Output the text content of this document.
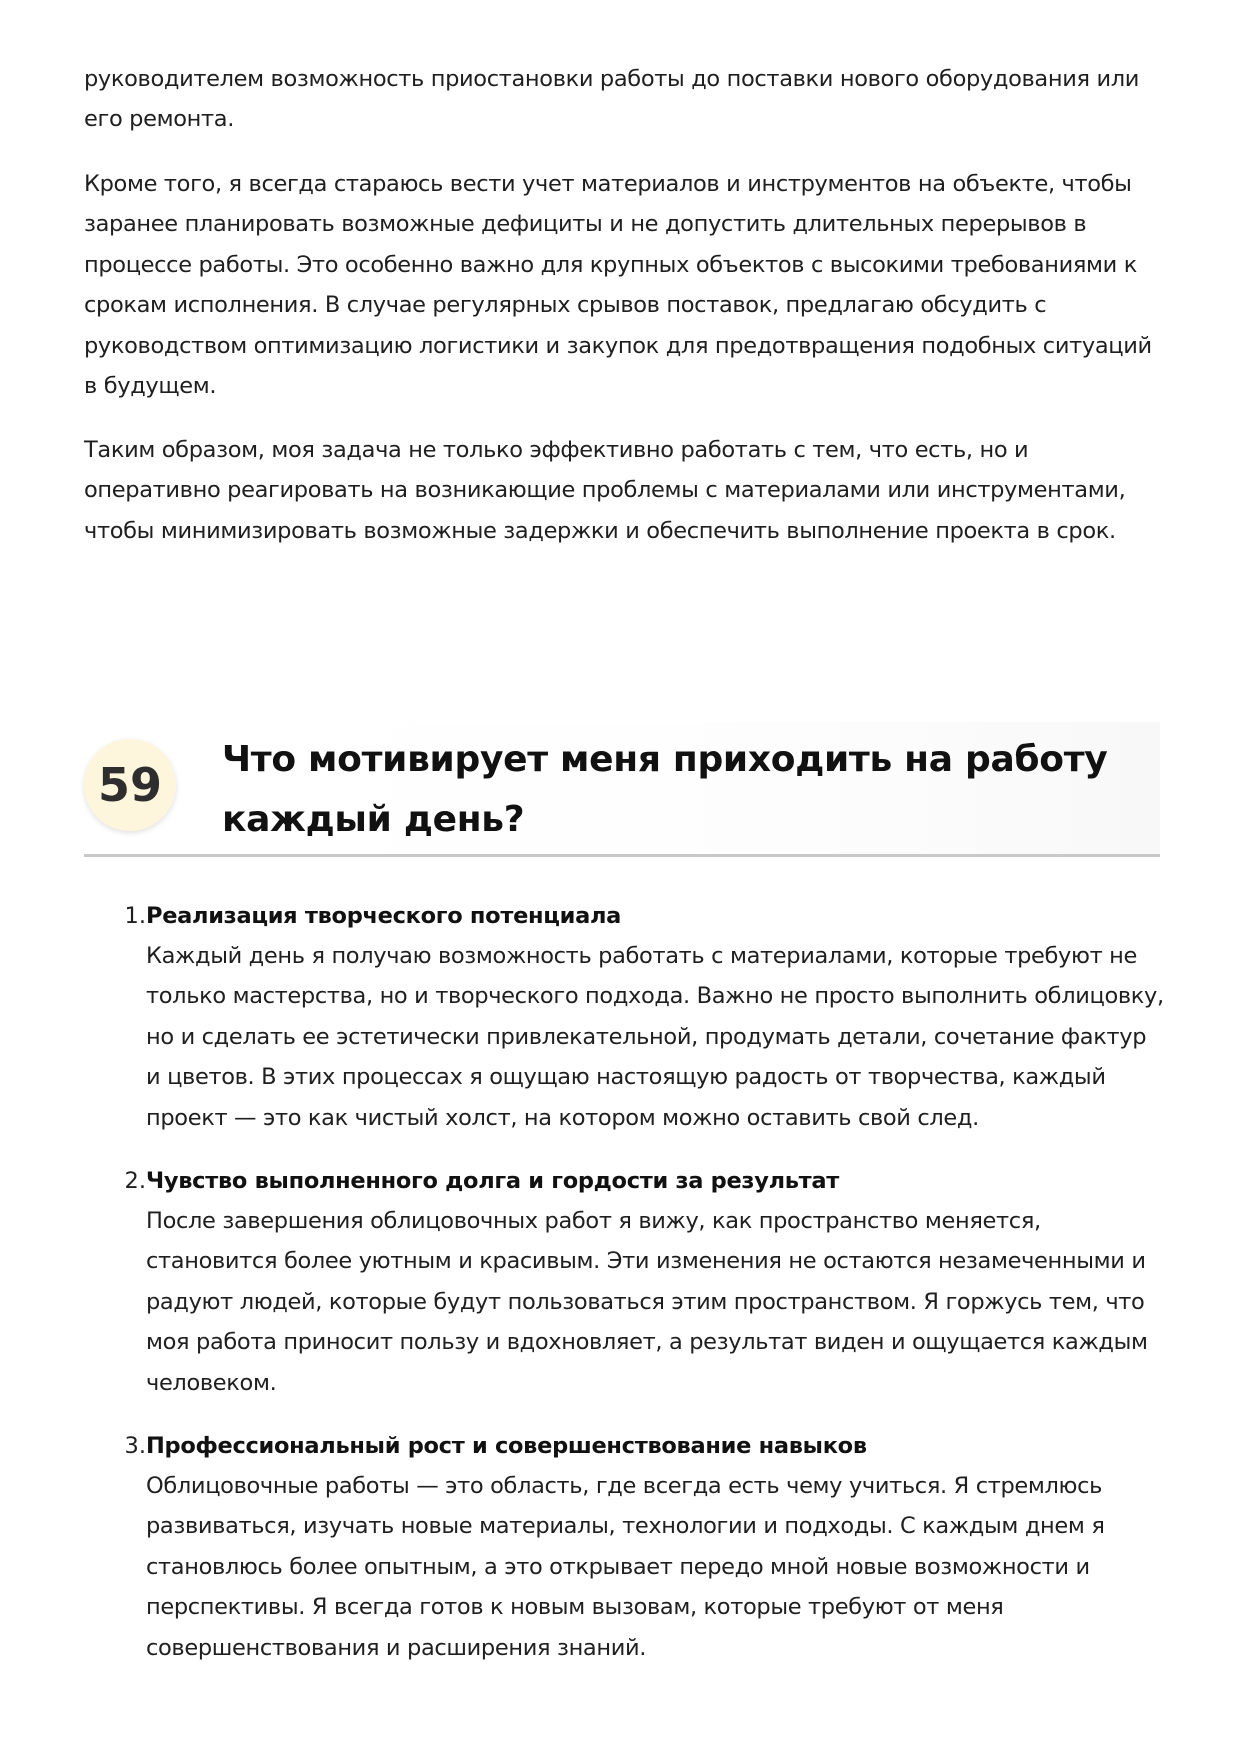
руководителем возможность приостановки работы до поставки нового оборудования или его ремонта.

Кроме того, я всегда стараюсь вести учет материалов и инструментов на объекте, чтобы заранее планировать возможные дефициты и не допустить длительных перерывов в процессе работы. Это особенно важно для крупных объектов с высокими требованиями к срокам исполнения. В случае регулярных срывов поставок, предлагаю обсудить с руководством оптимизацию логистики и закупок для предотвращения подобных ситуаций в будущем.

Таким образом, моя задача не только эффективно работать с тем, что есть, но и оперативно реагировать на возникающие проблемы с материалами или инструментами, чтобы минимизировать возможные задержки и обеспечить выполнение проекта в срок.

59	Что мотивирует меня приходить на работу каждый день?
1. Реализация творческого потенциала

Каждый день я получаю возможность работать с материалами, которые требуют не только мастерства, но и творческого подхода. Важно не просто выполнить облицовку, но и сделать ее эстетически привлекательной, продумать детали, сочетание фактур и цветов. В этих процессах я ощущаю настоящую радость от творчества, каждый проект — это как чистый холст, на котором можно оставить свой след.

2. Чувство выполненного долга и гордости за результат

После завершения облицовочных работ я вижу, как пространство меняется, становится более уютным и красивым. Эти изменения не остаются незамеченными и радуют людей, которые будут пользоваться этим пространством. Я горжусь тем, что моя работа приносит пользу и вдохновляет, а результат виден и ощущается каждым человеком.

3. Профессиональный рост и совершенствование навыков

Облицовочные работы — это область, где всегда есть чему учиться. Я стремлюсь развиваться, изучать новые материалы, технологии и подходы. С каждым днем я становлюсь более опытным, а это открывает передо мной новые возможности и перспективы. Я всегда готов к новым вызовам, которые требуют от меня совершенствования и расширения знаний.
